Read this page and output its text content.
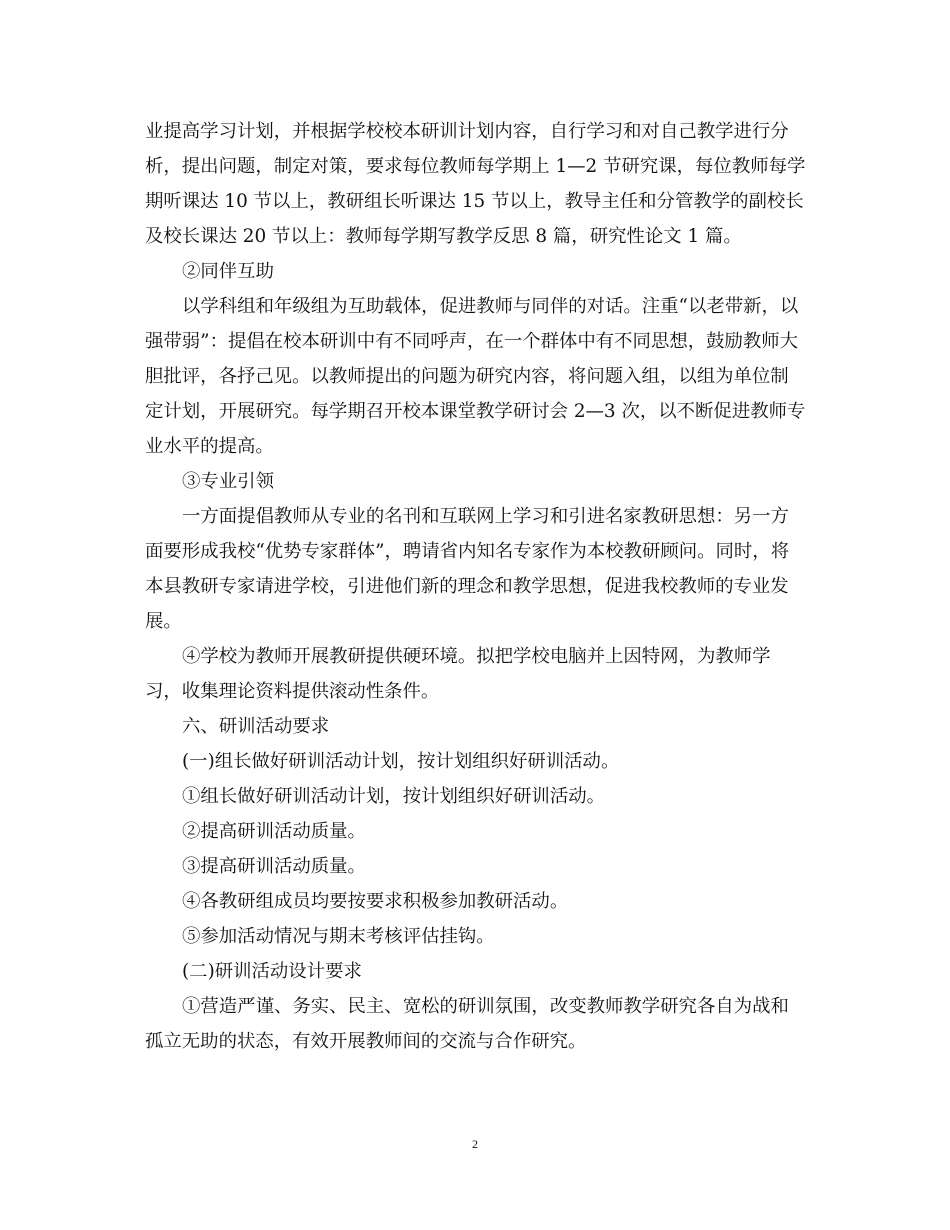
业提高学习计划，并根据学校校本研训计划内容，自行学习和对自己教学进行分
析，提出问题，制定对策，要求每位教师每学期上 1—2 节研究课，每位教师每学
期听课达 10 节以上，教研组长听课达 15 节以上，教导主任和分管教学的副校长
及校长课达 20 节以上：教师每学期写教学反思 8 篇，研究性论文 1 篇。
②同伴互助
以学科组和年级组为互助载体，促进教师与同伴的对话。注重“以老带新，以
强带弱”：提倡在校本研训中有不同呼声，在一个群体中有不同思想，鼓励教师大
胆批评，各抒己见。以教师提出的问题为研究内容，将问题入组，以组为单位制
定计划，开展研究。每学期召开校本课堂教学研讨会 2—3 次，以不断促进教师专
业水平的提高。
③专业引领
一方面提倡教师从专业的名刊和互联网上学习和引进名家教研思想：另一方
面要形成我校“优势专家群体”，聘请省内知名专家作为本校教研顾问。同时，将
本县教研专家请进学校，引进他们新的理念和教学思想，促进我校教师的专业发
展。
④学校为教师开展教研提供硬环境。拟把学校电脑并上因特网，为教师学
习，收集理论资料提供滚动性条件。
六、研训活动要求
(一)组长做好研训活动计划，按计划组织好研训活动。
①组长做好研训活动计划，按计划组织好研训活动。
②提高研训活动质量。
③提高研训活动质量。
④各教研组成员均要按要求积极参加教研活动。
⑤参加活动情况与期末考核评估挂钩。
(二)研训活动设计要求
①营造严谨、务实、民主、宽松的研训氛围，改变教师教学研究各自为战和
孤立无助的状态，有效开展教师间的交流与合作研究。
2
